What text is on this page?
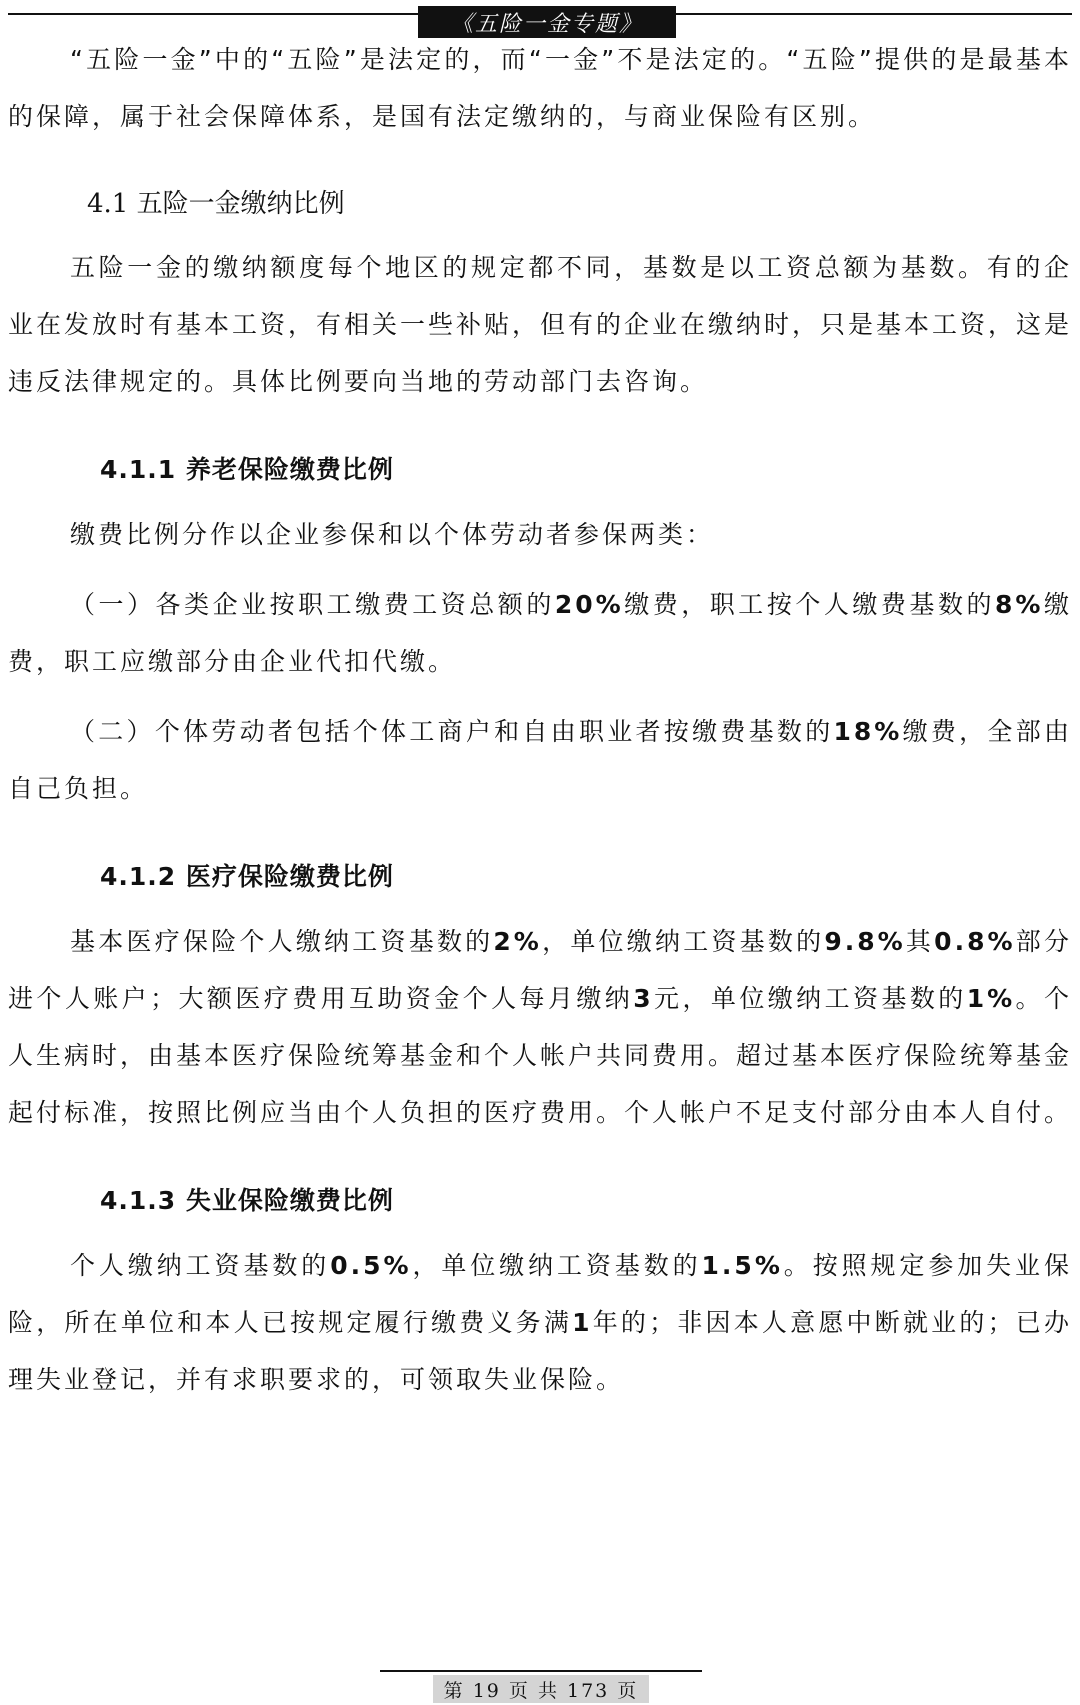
《五险一金专题》

“五险一金”中的“五险”是法定的，而“一金”不是法定的。“五险”提供的是最基本的保障，属于社会保障体系，是国有法定缴纳的，与商业保险有区别。

4.1 五险一金缴纳比例

五险一金的缴纳额度每个地区的规定都不同，基数是以工资总额为基数。有的企业在发放时有基本工资，有相关一些补贴，但有的企业在缴纳时，只是基本工资，这是违反法律规定的。具体比例要向当地的劳动部门去咨询。

4.1.1 养老保险缴费比例

缴费比例分作以企业参保和以个体劳动者参保两类：

（一）各类企业按职工缴费工资总额的20%缴费，职工按个人缴费基数的8%缴费，职工应缴部分由企业代扣代缴。

（二）个体劳动者包括个体工商户和自由职业者按缴费基数的18%缴费，全部由自己负担。

4.1.2 医疗保险缴费比例

基本医疗保险个人缴纳工资基数的2%，单位缴纳工资基数的9.8%其0.8%部分进个人账户；大额医疗费用互助资金个人每月缴纳3元，单位缴纳工资基数的1%。个人生病时，由基本医疗保险统筹基金和个人帐户共同费用。超过基本医疗保险统筹基金起付标准，按照比例应当由个人负担的医疗费用。个人帐户不足支付部分由本人自付。

4.1.3 失业保险缴费比例

个人缴纳工资基数的0.5%，单位缴纳工资基数的1.5%。按照规定参加失业保险，所在单位和本人已按规定履行缴费义务满1年的；非因本人意愿中断就业的；已办理失业登记，并有求职要求的，可领取失业保险。

第 19 页 共 173 页
